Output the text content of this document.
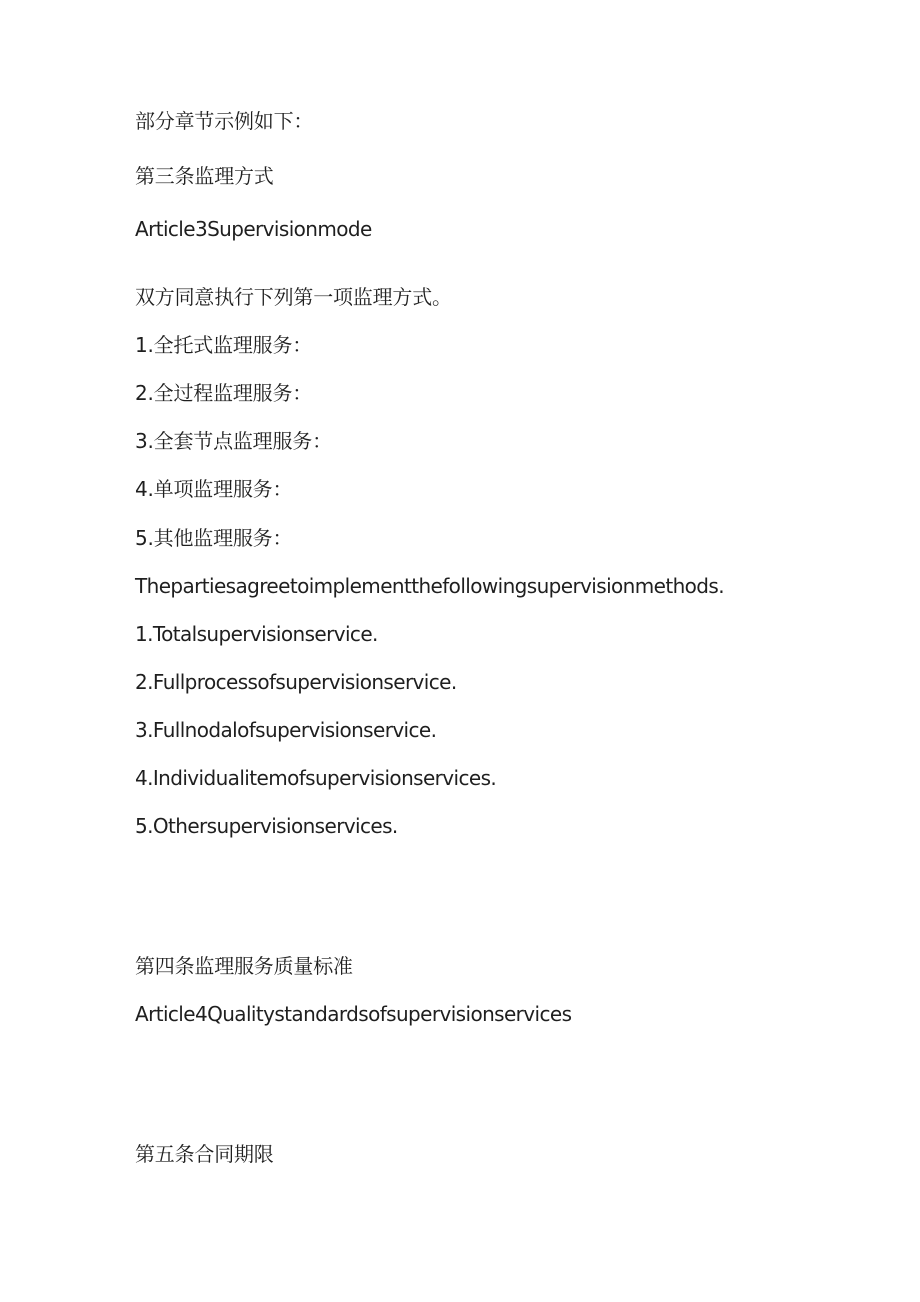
部分章节示例如下：
第三条监理方式
Article3Supervisionmode
双方同意执行下列第一项监理方式。
1.全托式监理服务：
2.全过程监理服务：
3.全套节点监理服务：
4.单项监理服务：
5.其他监理服务：
Thepartiesagreetoimplementthefollowingsupervisionmethods.
1.Totalsupervisionservice.
2.Fullprocessofsupervisionservice.
3.Fullnodalofsupervisionservice.
4.Individualitemofsupervisionservices.
5.Othersupervisionservices.
第四条监理服务质量标准
Article4Qualitystandardsofsupervisionservices
第五条合同期限
